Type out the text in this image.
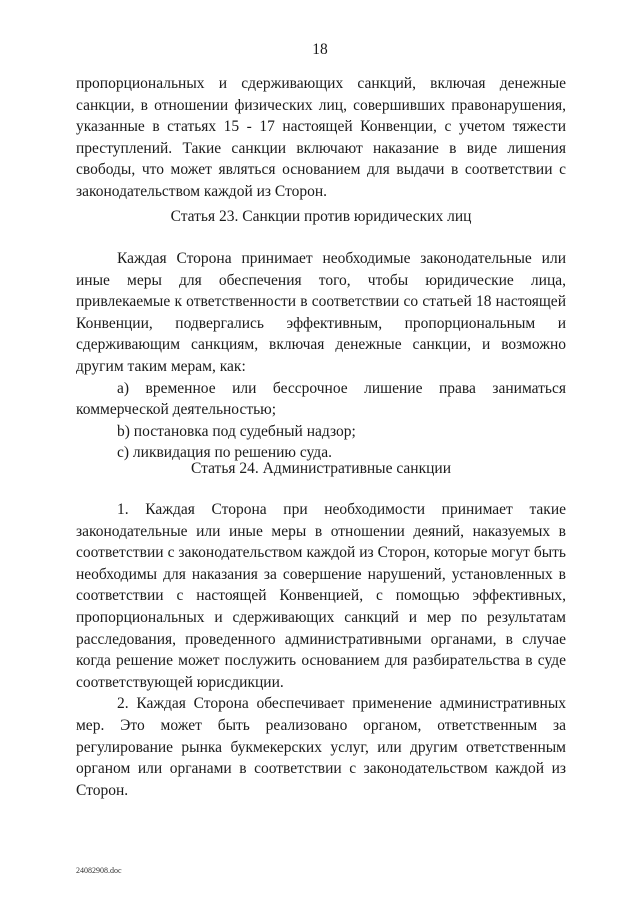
18

пропорциональных и сдерживающих санкций, включая денежные санкции, в отношении физических лиц, совершивших правонарушения, указанные в статьях 15 - 17 настоящей Конвенции, с учетом тяжести преступлений. Такие санкции включают наказание в виде лишения свободы, что может являться основанием для выдачи в соответствии с законодательством каждой из Сторон.

Статья 23. Санкции против юридических лиц

Каждая Сторона принимает необходимые законодательные или иные меры для обеспечения того, чтобы юридические лица, привлекаемые к ответственности в соответствии со статьей 18 настоящей Конвенции, подвергались эффективным, пропорциональным и сдерживающим санкциям, включая денежные санкции, и возможно другим таким мерам, как:

a) временное или бессрочное лишение права заниматься коммерческой деятельностью;

b) постановка под судебный надзор;

c) ликвидация по решению суда.

Статья 24. Административные санкции

1. Каждая Сторона при необходимости принимает такие законодательные или иные меры в отношении деяний, наказуемых в соответствии с законодательством каждой из Сторон, которые могут быть необходимы для наказания за совершение нарушений, установленных в соответствии с настоящей Конвенцией, с помощью эффективных, пропорциональных и сдерживающих санкций и мер по результатам расследования, проведенного административными органами, в случае когда решение может послужить основанием для разбирательства в суде соответствующей юрисдикции.

2. Каждая Сторона обеспечивает применение административных мер. Это может быть реализовано органом, ответственным за регулирование рынка букмекерских услуг, или другим ответственным органом или органами в соответствии с законодательством каждой из Сторон.

24082908.doc
